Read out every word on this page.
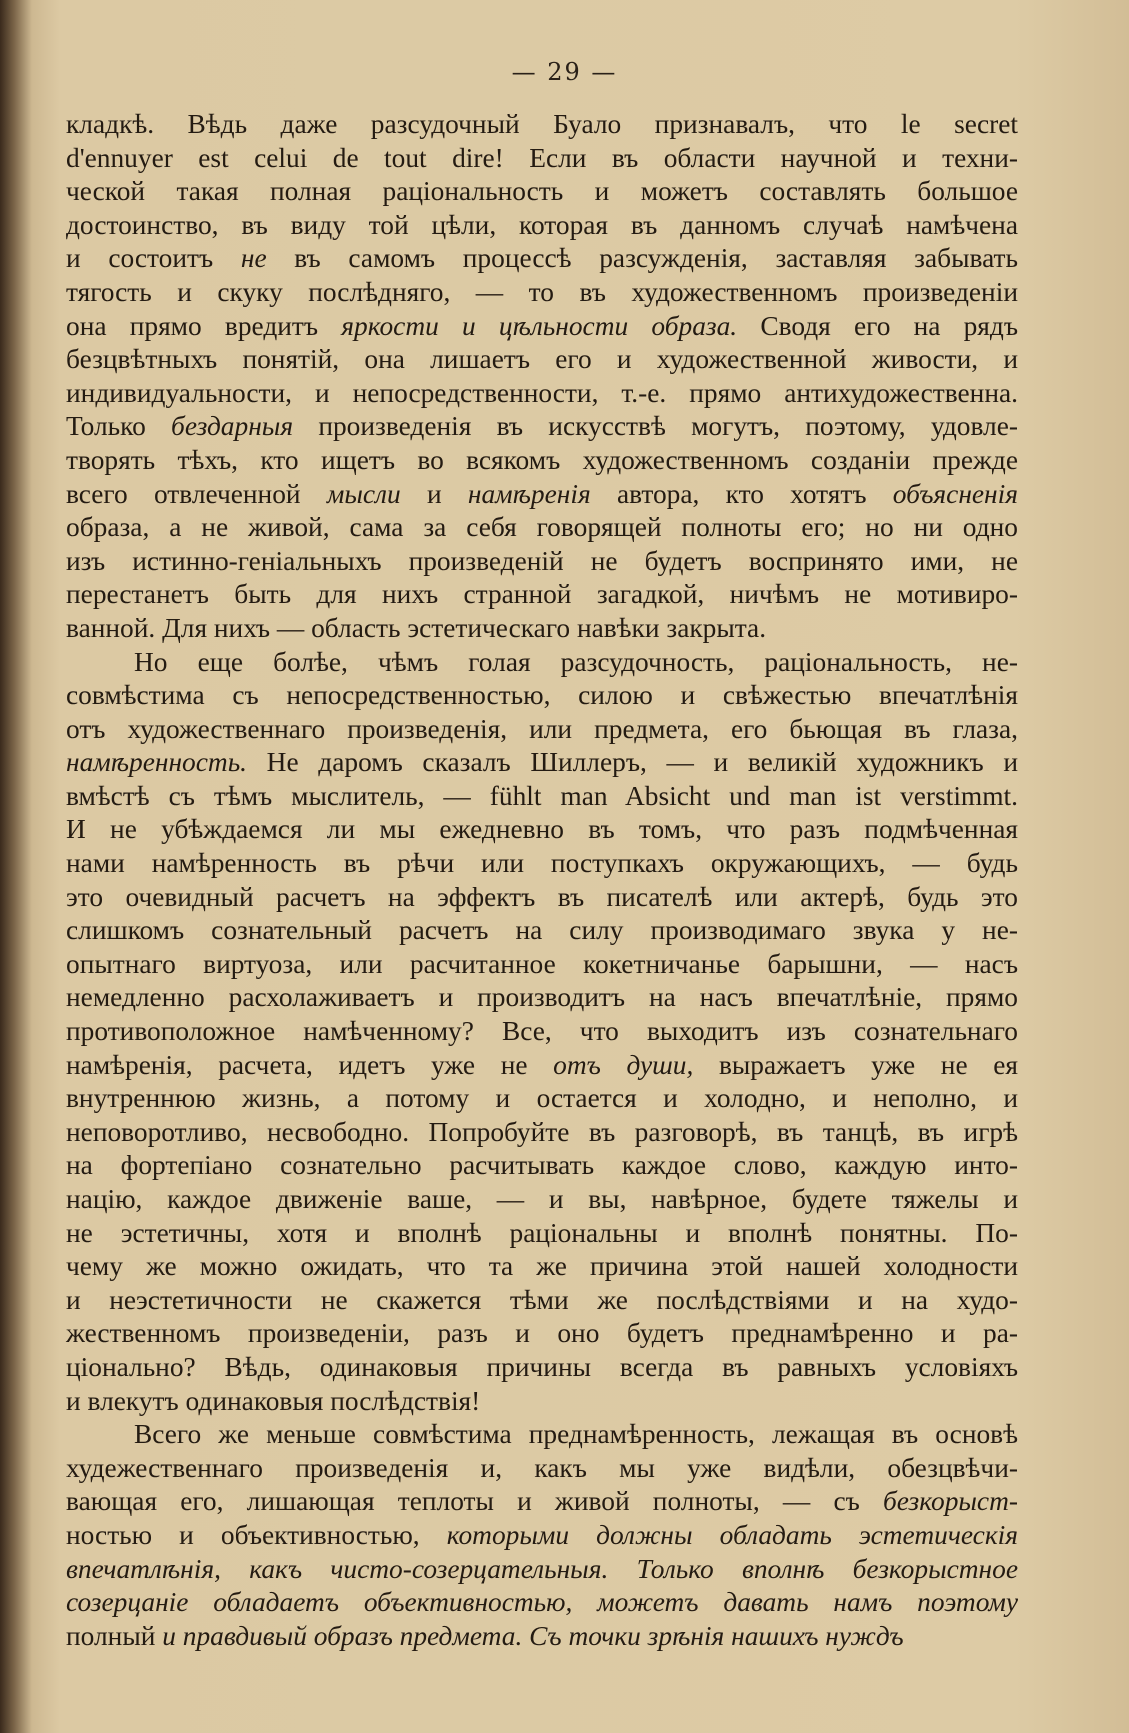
— 29 —
кладкѣ. Вѣдь даже разсудочный Буало признавалъ, что le secret
d'ennuyer est celui de tout dire! Если въ области научной и техни-
ческой такая полная раціональность и можетъ составлять большое
достоинство, въ виду той цѣли, которая въ данномъ случаѣ намѣчена
и состоитъ не въ самомъ процессѣ разсужденія, заставляя забывать
тягость и скуку послѣдняго, — то въ художественномъ произведеніи
она прямо вредитъ яркости и цѣльности образа. Сводя его на рядъ
безцвѣтныхъ понятій, она лишаетъ его и художественной живости, и
индивидуальности, и непосредственности, т.-е. прямо антихудожественна.
Только бездарныя произведенія въ искусствѣ могутъ, поэтому, удовле-
творять тѣхъ, кто ищетъ во всякомъ художественномъ созданіи прежде
всего отвлеченной мысли и намѣренія автора, кто хотятъ объясненія
образа, а не живой, сама за себя говорящей полноты его; но ни одно
изъ истинно-геніальныхъ произведеній не будетъ воспринято ими, не
перестанетъ быть для нихъ странной загадкой, ничѣмъ не мотивиро-
ванной. Для нихъ — область эстетическаго навѣки закрыта.
Но еще болѣе, чѣмъ голая разсудочность, раціональность, не-
совмѣстима съ непосредственностью, силою и свѣжестью впечатлѣнія
отъ художественнаго произведенія, или предмета, его бьющая въ глаза,
намѣренность. Не даромъ сказалъ Шиллеръ, — и великій художникъ и
вмѣстѣ съ тѣмъ мыслитель, — fühlt man Absicht und man ist verstimmt.
И не убѣждаемся ли мы ежедневно въ томъ, что разъ подмѣченная
нами намѣренность въ рѣчи или поступкахъ окружающихъ, — будь
это очевидный расчетъ на эффектъ въ писателѣ или актерѣ, будь это
слишкомъ сознательный расчетъ на силу производимаго звука у не-
опытнаго виртуоза, или расчитанное кокетничанье барышни, — насъ
немедленно расхолаживаетъ и производитъ на насъ впечатлѣніе, прямо
противоположное намѣченному? Все, что выходитъ изъ сознательнаго
намѣренія, расчета, идетъ уже не отъ души, выражаетъ уже не ея
внутреннюю жизнь, а потому и остается и холодно, и неполно, и
неповоротливо, несвободно. Попробуйте въ разговорѣ, въ танцѣ, въ игрѣ
на фортепіано сознательно расчитывать каждое слово, каждую инто-
націю, каждое движеніе ваше, — и вы, навѣрное, будете тяжелы и
не эстетичны, хотя и вполнѣ раціональны и вполнѣ понятны. По-
чему же можно ожидать, что та же причина этой нашей холодности
и неэстетичности не скажется тѣми же послѣдствіями и на худо-
жественномъ произведеніи, разъ и оно будетъ преднамѣренно и ра-
ціонально? Вѣдь, одинаковыя причины всегда въ равныхъ условіяхъ
и влекутъ одинаковыя послѣдствія!
Всего же меньше совмѣстима преднамѣренность, лежащая въ основѣ
худежественнаго произведенія и, какъ мы уже видѣли, обезцвѣчи-
вающая его, лишающая теплоты и живой полноты, — съ безкорыст-
ностью и объективностью, которыми должны обладать эстетическія
впечатлѣнія, какъ чисто-созерцательныя. Только вполнѣ безкорыстное
созерцаніе обладаетъ объективностью, можетъ давать намъ поэтому
полный и правдивый образъ предмета. Съ точки зрѣнія нашихъ нуждъ
